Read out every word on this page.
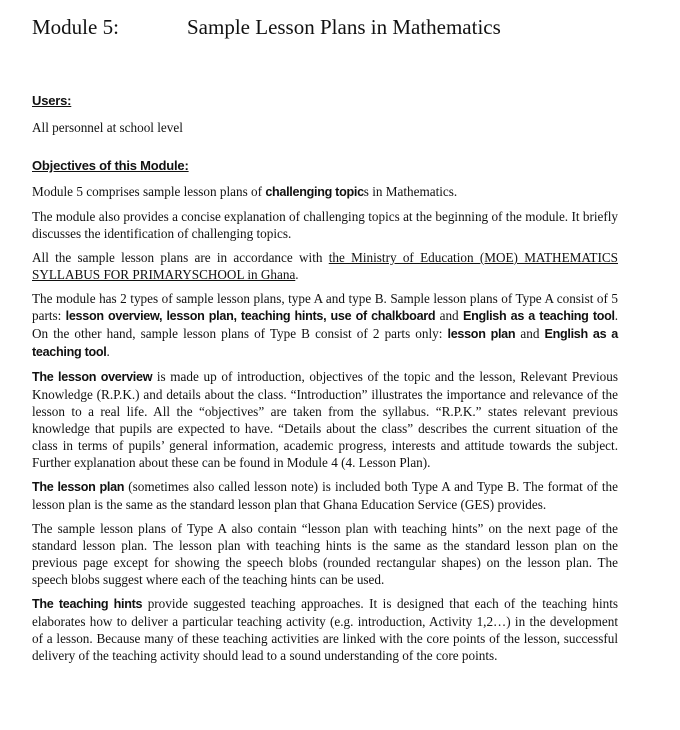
Module 5:	Sample Lesson Plans in Mathematics
Users:
All personnel at school level
Objectives of this Module:

Module 5 comprises sample lesson plans of challenging topics in Mathematics.

The module also provides a concise explanation of challenging topics at the beginning of the module. It briefly discusses the identification of challenging topics.

All the sample lesson plans are in accordance with the Ministry of Education (MOE) MATHEMATICS SYLLABUS FOR PRIMARYSCHOOL in Ghana.

The module has 2 types of sample lesson plans, type A and type B. Sample lesson plans of Type A consist of 5 parts: lesson overview, lesson plan, teaching hints, use of chalkboard and English as a teaching tool. On the other hand, sample lesson plans of Type B consist of 2 parts only: lesson plan and English as a teaching tool.

The lesson overview is made up of introduction, objectives of the topic and the lesson, Relevant Previous Knowledge (R.P.K.) and details about the class. “Introduction” illustrates the importance and relevance of the lesson to a real life. All the “objectives” are taken from the syllabus. “R.P.K.” states relevant previous knowledge that pupils are expected to have. “Details about the class” describes the current situation of the class in terms of pupils’ general information, academic progress, interests and attitude towards the subject. Further explanation about these can be found in Module 4 (4. Lesson Plan).

The lesson plan (sometimes also called lesson note) is included both Type A and Type B. The format of the lesson plan is the same as the standard lesson plan that Ghana Education Service (GES) provides.

The sample lesson plans of Type A also contain “lesson plan with teaching hints” on the next page of the standard lesson plan. The lesson plan with teaching hints is the same as the standard lesson plan on the previous page except for showing the speech blobs (rounded rectangular shapes) on the lesson plan. The speech blobs suggest where each of the teaching hints can be used.

The teaching hints provide suggested teaching approaches. It is designed that each of the teaching hints elaborates how to deliver a particular teaching activity (e.g. introduction, Activity 1,2…) in the development of a lesson. Because many of these teaching activities are linked with the core points of the lesson, successful delivery of the teaching activity should lead to a sound understanding of the core points.
